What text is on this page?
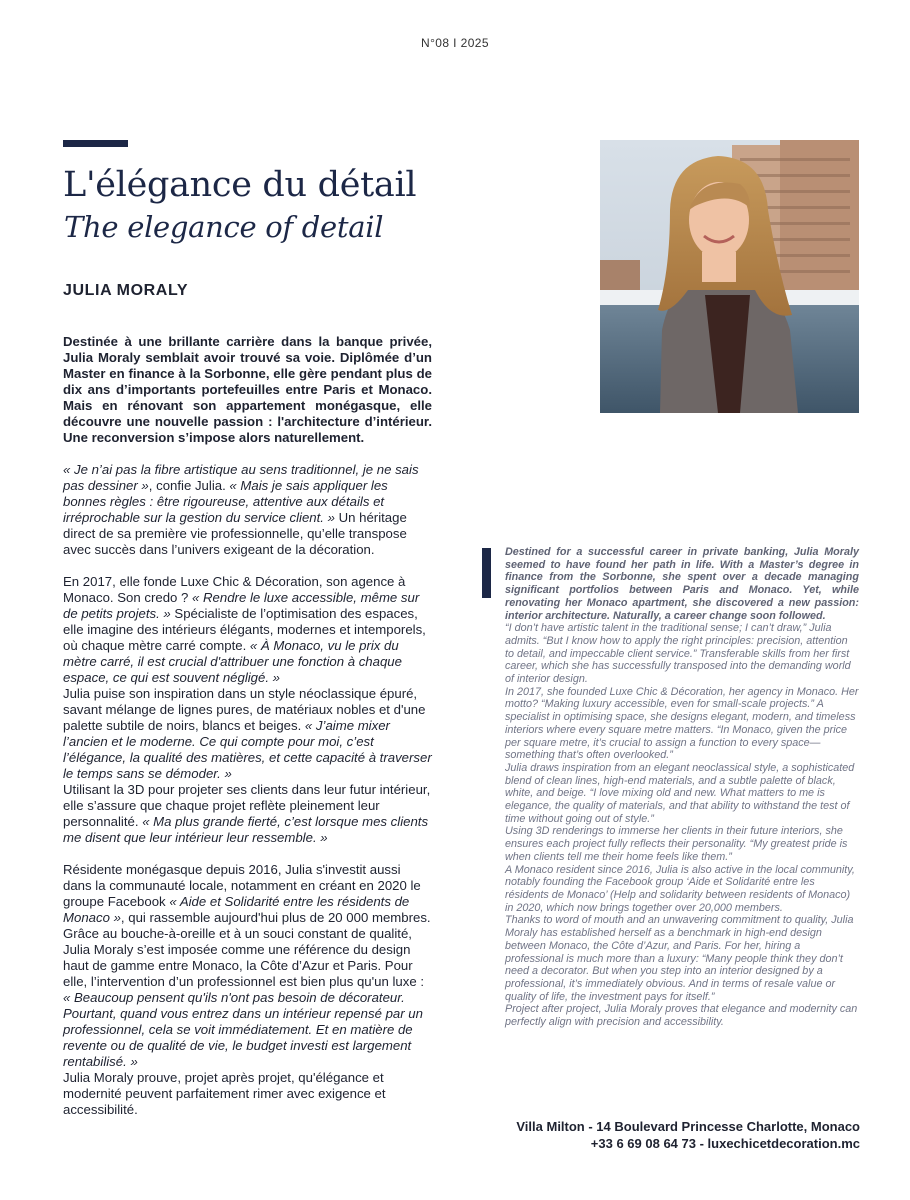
N°08 I 2025
L'élégance du détail
The elegance of detail
JULIA MORALY

Destinée à une brillante carrière dans la banque privée, Julia Moraly semblait avoir trouvé sa voie. Diplômée d’un Master en finance à la Sorbonne, elle gère pendant plus de dix ans d’importants portefeuilles entre Paris et Monaco. Mais en rénovant son appartement monégasque, elle découvre une nouvelle passion : l'architecture d’intérieur. Une reconversion s’impose alors naturellement.

« Je n’ai pas la fibre artistique au sens traditionnel, je ne sais pas dessiner », confie Julia. « Mais je sais appliquer les bonnes règles : être rigoureuse, attentive aux détails et irréprochable sur la gestion du service client. » Un héritage direct de sa première vie professionnelle, qu’elle transpose avec succès dans l’univers exigeant de la décoration.

En 2017, elle fonde Luxe Chic & Décoration, son agence à Monaco. Son credo ? « Rendre le luxe accessible, même sur de petits projets. » Spécialiste de l’optimisation des espaces, elle imagine des intérieurs élégants, modernes et intemporels, où chaque mètre carré compte. « À Monaco, vu le prix du mètre carré, il est crucial d'attribuer une fonction à chaque espace, ce qui est souvent négligé. »

Julia puise son inspiration dans un style néoclassique épuré, savant mélange de lignes pures, de matériaux nobles et d'une palette subtile de noirs, blancs et beiges. « J’aime mixer l’ancien et le moderne. Ce qui compte pour moi, c’est l’élégance, la qualité des matières, et cette capacité à traverser le temps sans se démoder. »

Utilisant la 3D pour projeter ses clients dans leur futur intérieur, elle s’assure que chaque projet reflète pleinement leur personnalité. « Ma plus grande fierté, c’est lorsque mes clients me disent que leur intérieur leur ressemble. »

Résidente monégasque depuis 2016, Julia s'investit aussi dans la communauté locale, notamment en créant en 2020 le groupe Facebook « Aide et Solidarité entre les résidents de Monaco », qui rassemble aujourd'hui plus de 20 000 membres.

Grâce au bouche-à-oreille et à un souci constant de qualité, Julia Moraly s’est imposée comme une référence du design haut de gamme entre Monaco, la Côte d’Azur et Paris. Pour elle, l’intervention d’un professionnel est bien plus qu'un luxe : « Beaucoup pensent qu'ils n'ont pas besoin de décorateur. Pourtant, quand vous entrez dans un intérieur repensé par un professionnel, cela se voit immédiatement. Et en matière de revente ou de qualité de vie, le budget investi est largement rentabilisé. »

Julia Moraly prouve, projet après projet, qu'élégance et modernité peuvent parfaitement rimer avec exigence et accessibilité.

Destined for a successful career in private banking, Julia Moraly seemed to have found her path in life. With a Master’s degree in finance from the Sorbonne, she spent over a decade managing significant portfolios between Paris and Monaco. Yet, while renovating her Monaco apartment, she discovered a new passion: interior architecture. Naturally, a career change soon followed.

“I don’t have artistic talent in the traditional sense; I can’t draw,” Julia admits. “But I know how to apply the right principles: precision, attention to detail, and impeccable client service.” Transferable skills from her first career, which she has successfully transposed into the demanding world of interior design.

In 2017, she founded Luxe Chic & Décoration, her agency in Monaco. Her motto? “Making luxury accessible, even for small-scale projects.” A specialist in optimising space, she designs elegant, modern, and timeless interiors where every square metre matters. “In Monaco, given the price per square metre, it’s crucial to assign a function to every space—something that’s often overlooked.”

Julia draws inspiration from an elegant neoclassical style, a sophisticated blend of clean lines, high-end materials, and a subtle palette of black, white, and beige. “I love mixing old and new. What matters to me is elegance, the quality of materials, and that ability to withstand the test of time without going out of style.”

Using 3D renderings to immerse her clients in their future interiors, she ensures each project fully reflects their personality. “My greatest pride is when clients tell me their home feels like them.”

A Monaco resident since 2016, Julia is also active in the local community, notably founding the Facebook group ‘Aide et Solidarité entre les résidents de Monaco’ (Help and solidarity between residents of Monaco) in 2020, which now brings together over 20,000 members.

Thanks to word of mouth and an unwavering commitment to quality, Julia Moraly has established herself as a benchmark in high-end design between Monaco, the Côte d’Azur, and Paris. For her, hiring a professional is much more than a luxury: “Many people think they don’t need a decorator. But when you step into an interior designed by a professional, it’s immediately obvious. And in terms of resale value or quality of life, the investment pays for itself.”

Project after project, Julia Moraly proves that elegance and modernity can perfectly align with precision and accessibility.

Villa Milton - 14 Boulevard Princesse Charlotte, Monaco
+33 6 69 08 64 73 - luxechicetdecoration.mc
